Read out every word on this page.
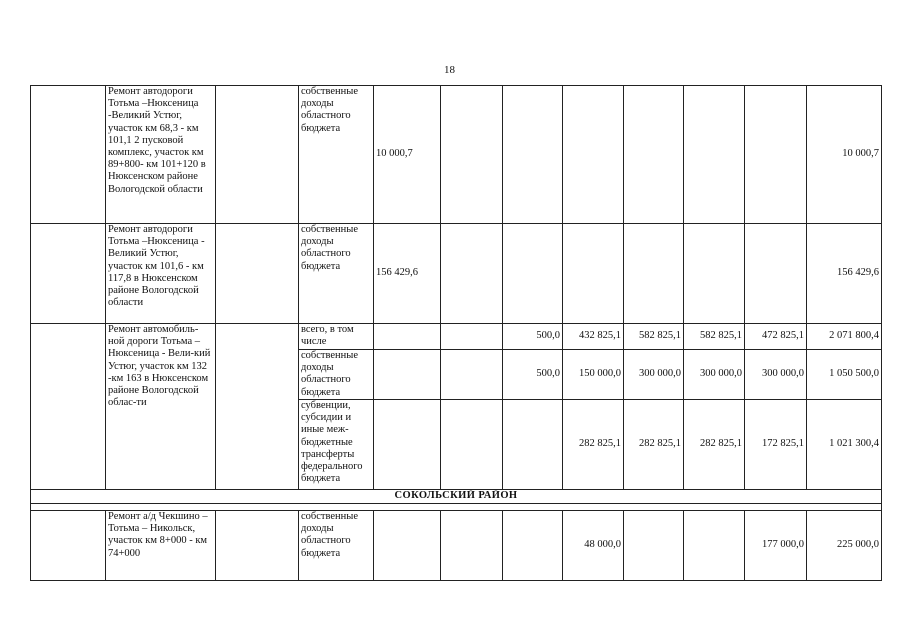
18
	Ремонт автодороги Тотьма –Нюксеница -Великий Устюг, участок км 68,3 - км 101,1 2 пусковой комплекс, участок км 89+800- км 101+120 в Нюксенском районе Вологодской области		собственные доходы областного бюджета	10 000,7							10 000,7
	Ремонт автодороги Тотьма –Нюксеница - Великий Устюг, участок км 101,6 - км 117,8 в Нюксенском районе Вологодской области		собственные доходы областного бюджета	156 429,6							156 429,6
	Ремонт автомобиль-ной дороги Тотьма –Нюксеница - Вели-кий Устюг, участок км 132 -км 163 в Нюксенском районе Вологодской облас-ти		всего, в том числе			500,0	432 825,1	582 825,1	582 825,1	472 825,1	2 071 800,4
			собственные доходы областного бюджета			500,0	150 000,0	300 000,0	300 000,0	300 000,0	1 050 500,0
			субвенции, субсидии и иные меж-бюджетные трансферты федерального бюджета				282 825,1	282 825,1	282 825,1	172 825,1	1 021 300,4
СОКОЛЬСКИЙ РАЙОН											

	Ремонт а/д Чекшино – Тотьма – Никольск, участок км 8+000 - км 74+000		собственные доходы областного бюджета				48 000,0			177 000,0	225 000,0
